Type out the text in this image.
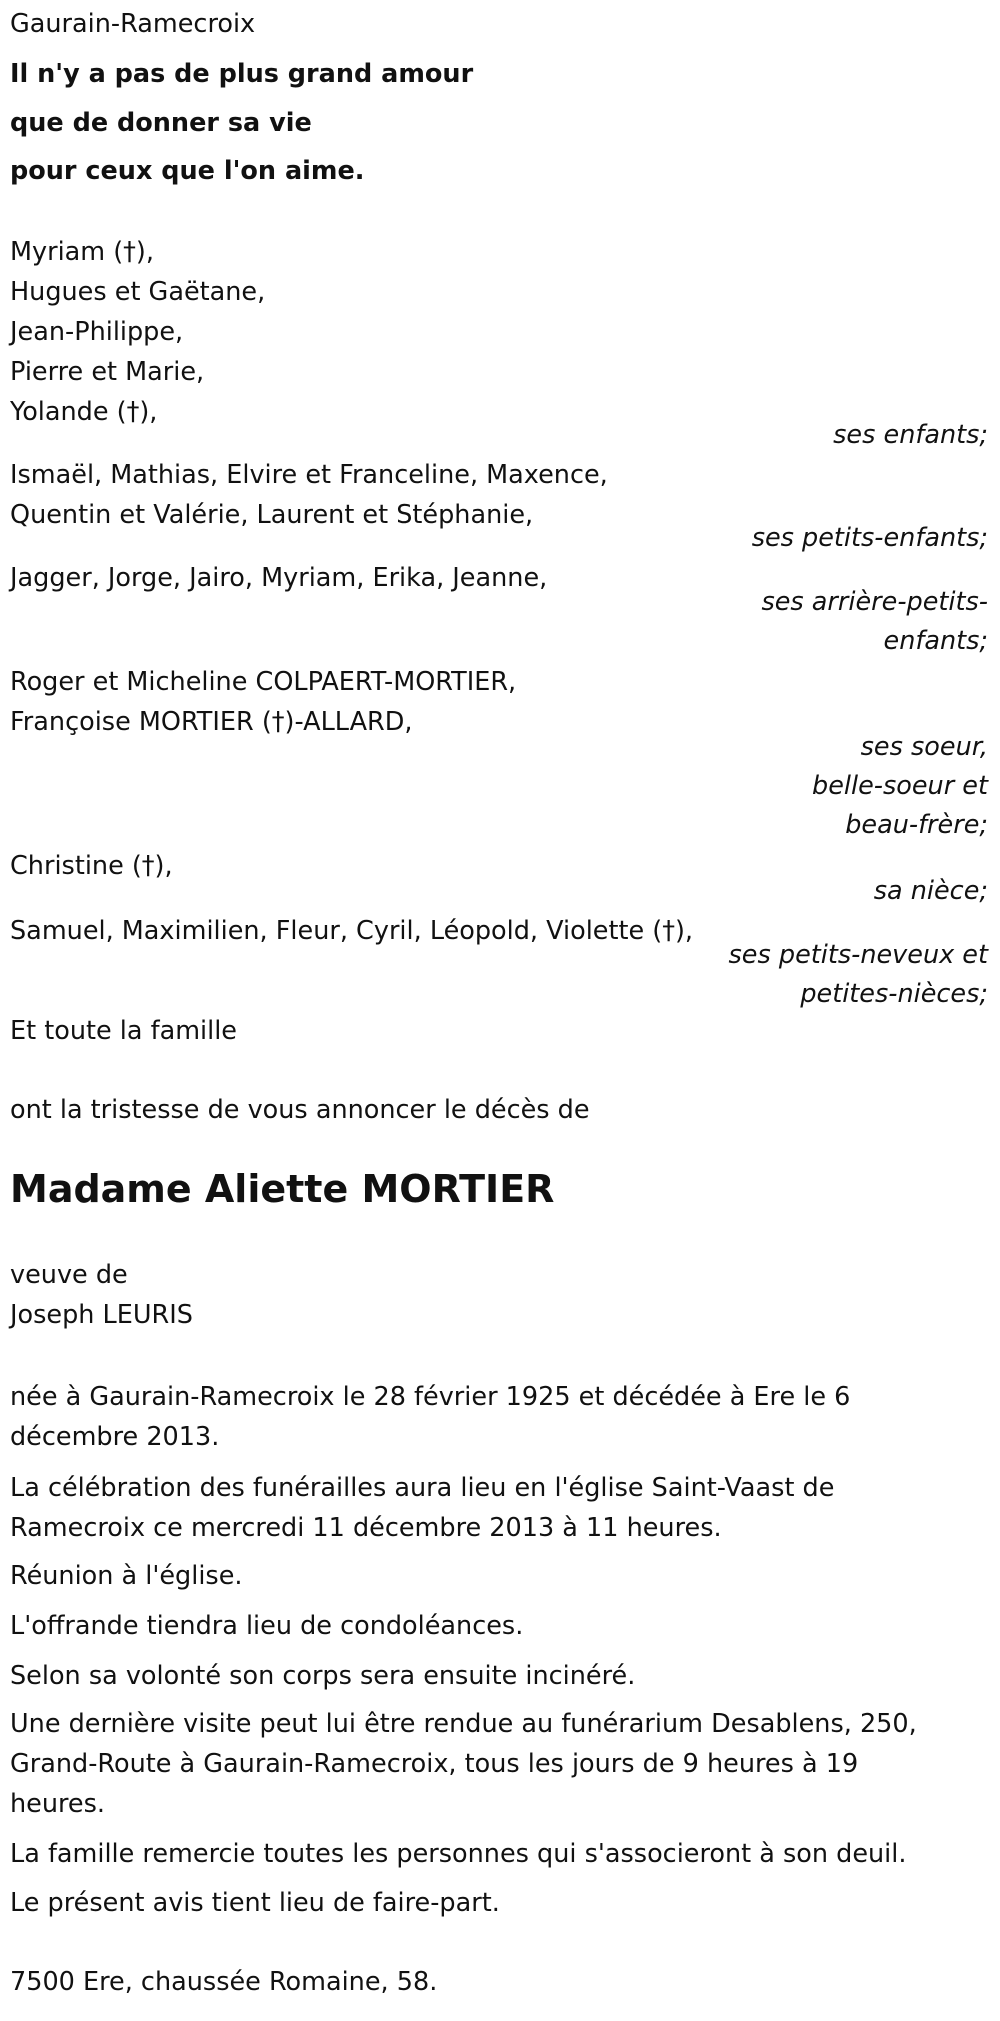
Gaurain-Ramecroix
Il n'y a pas de plus grand amour
que de donner sa vie
pour ceux que l'on aime.
Myriam (†),
Hugues et Gaëtane,
Jean-Philippe,
Pierre et Marie,
Yolande (†),
ses enfants;
Ismaël, Mathias, Elvire et Franceline, Maxence,
Quentin et Valérie, Laurent et Stéphanie,
ses petits-enfants;
Jagger, Jorge, Jairo, Myriam, Erika, Jeanne,
ses arrière-petits-
enfants;
Roger et Micheline COLPAERT-MORTIER,
Françoise MORTIER (†)-ALLARD,
ses soeur,
belle-soeur et
beau-frère;
Christine (†),
sa nièce;
Samuel, Maximilien, Fleur, Cyril, Léopold, Violette (†),
ses petits-neveux et
petites-nièces;
Et toute la famille
ont la tristesse de vous annoncer le décès de
Madame Aliette MORTIER
veuve de
Joseph LEURIS
née à Gaurain-Ramecroix le 28 février 1925 et décédée à Ere le 6
décembre 2013.
La célébration des funérailles aura lieu en l'église Saint-Vaast de
Ramecroix ce mercredi 11 décembre 2013 à 11 heures.
Réunion à l'église.
L'offrande tiendra lieu de condoléances.
Selon sa volonté son corps sera ensuite incinéré.
Une dernière visite peut lui être rendue au funérarium Desablens, 250,
Grand-Route à Gaurain-Ramecroix, tous les jours de 9 heures à 19
heures.
La famille remercie toutes les personnes qui s'associeront à son deuil.
Le présent avis tient lieu de faire-part.
7500 Ere, chaussée Romaine, 58.
